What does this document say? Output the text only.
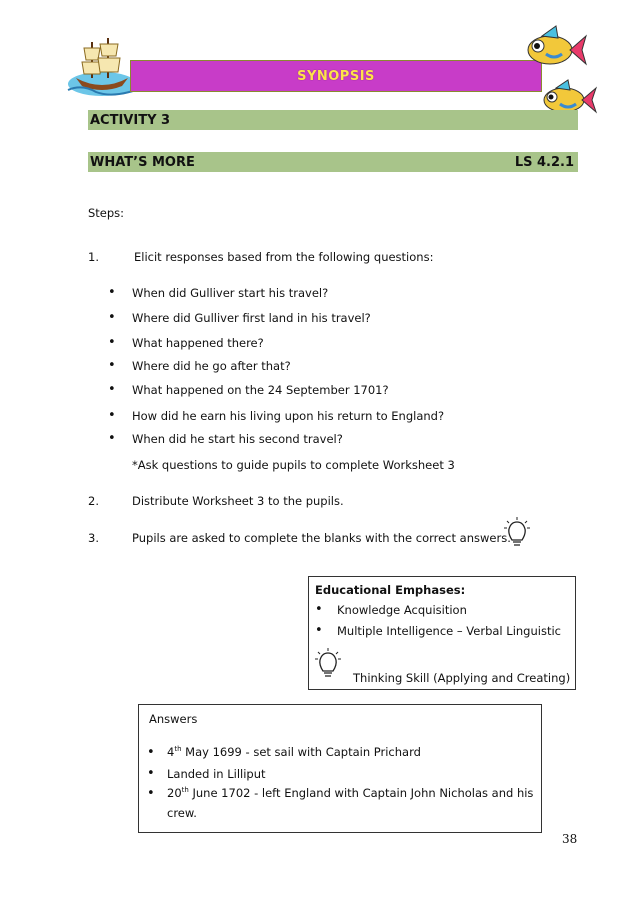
SYNOPSIS
ACTIVITY 3
WHAT’S MORE	LS 4.2.1
Steps:
1.	Elicit responses based from the following questions:
• When did Gulliver start his travel?
• Where did Gulliver first land in his travel?
• What happened there?
• Where did he go after that?
• What happened on the 24 September 1701?
• How did he earn his living upon his return to England?
• When did he start his second travel?
*Ask questions to guide pupils to complete Worksheet 3
2.	Distribute Worksheet 3 to the pupils.
3.	Pupils are asked to complete the blanks with the correct answers.
Educational Emphases:
• Knowledge Acquisition
• Multiple Intelligence – Verbal Linguistic
Thinking Skill (Applying and Creating)
Answers
• 4th May 1699 - set sail with Captain Prichard
• Landed in Lilliput
• 20th June 1702 - left England with Captain John Nicholas and his
crew.
38
